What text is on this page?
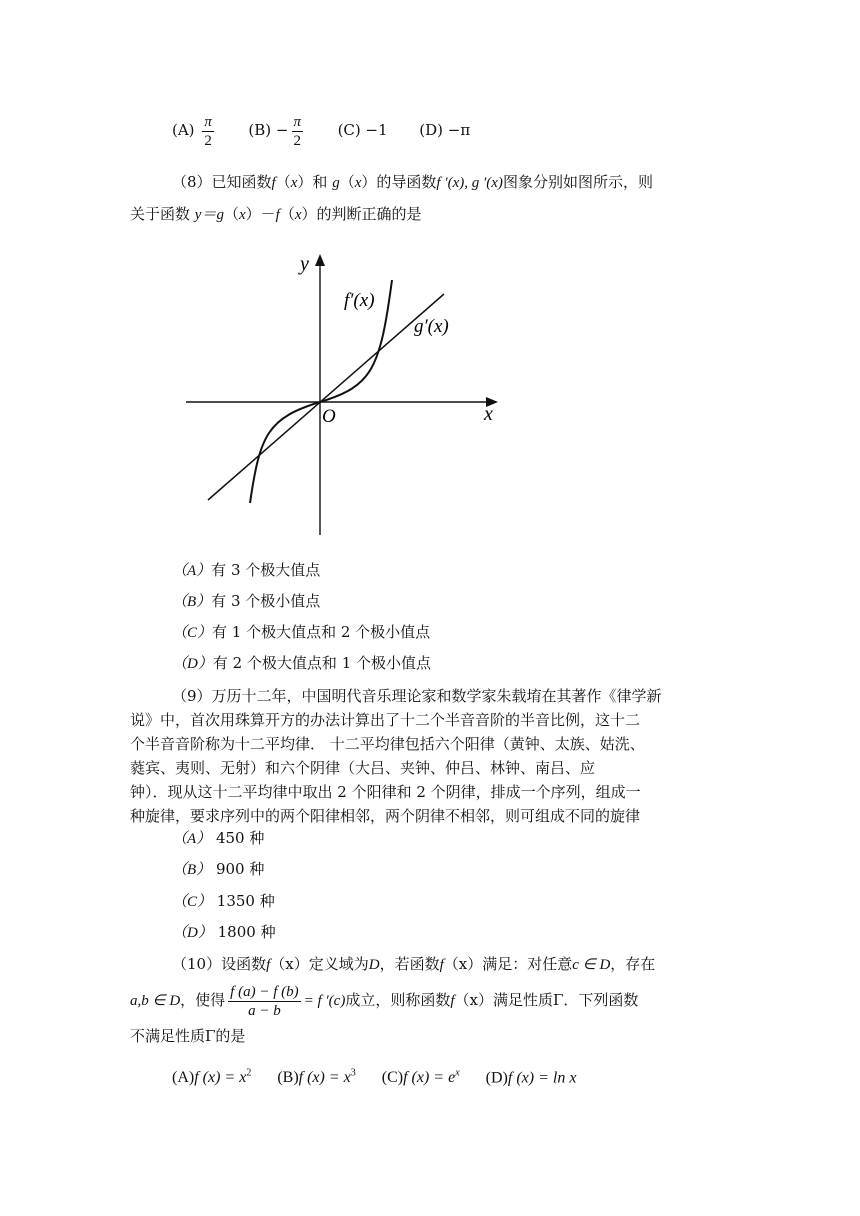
$(A) \frac{\pi}{2} (B) - \frac{\pi}{2} (C) -1$ (D) −π
（8）已知函数f（x）和 g（x）的导函数f ′(x), g ′(x)图象分别如图所示，则
关于函数 y＝g（x）－f（x）的判断正确的是
y
x
O
f′(x)
g′(x)
（A）有 3 个极大值点
（B）有 3 个极小值点
（C）有 1 个极大值点和 2 个极小值点
（D）有 2 个极大值点和 1 个极小值点
（9）万历十二年，中国明代音乐理论家和数学家朱载堉在其著作《律学新
说》中，首次用珠算开方的办法计算出了十二个半音音阶的半音比例，这十二
个半音音阶称为十二平均律． 十二平均律包括六个阳律（黄钟、太族、姑洗、
蕤宾、夷则、无射）和六个阴律（大吕、夹钟、仲吕、林钟、南吕、应
钟）．现从这十二平均律中取出 2 个阳律和 2 个阴律，排成一个序列，组成一
种旋律，要求序列中的两个阳律相邻，两个阴律不相邻，则可组成不同的旋律
（A） 450 种
（B） 900 种
（C） 1350 种
（D） 1800 种
（10）设函数f（x）定义域为D，若函数f（x）满足：对任意c ∈ D，存在
a,b ∈ D，使得 $\frac{f (a) - f (b)}{a - b} = f$ ′(c)成立，则称函数f（x）满足性质Γ．下列函数
不满足性质Γ的是
(A)f $(x) = x^2$ (B)f $(x) = x^3$ (C)f $(x) = e^x$ (D)f (x) = ln x
